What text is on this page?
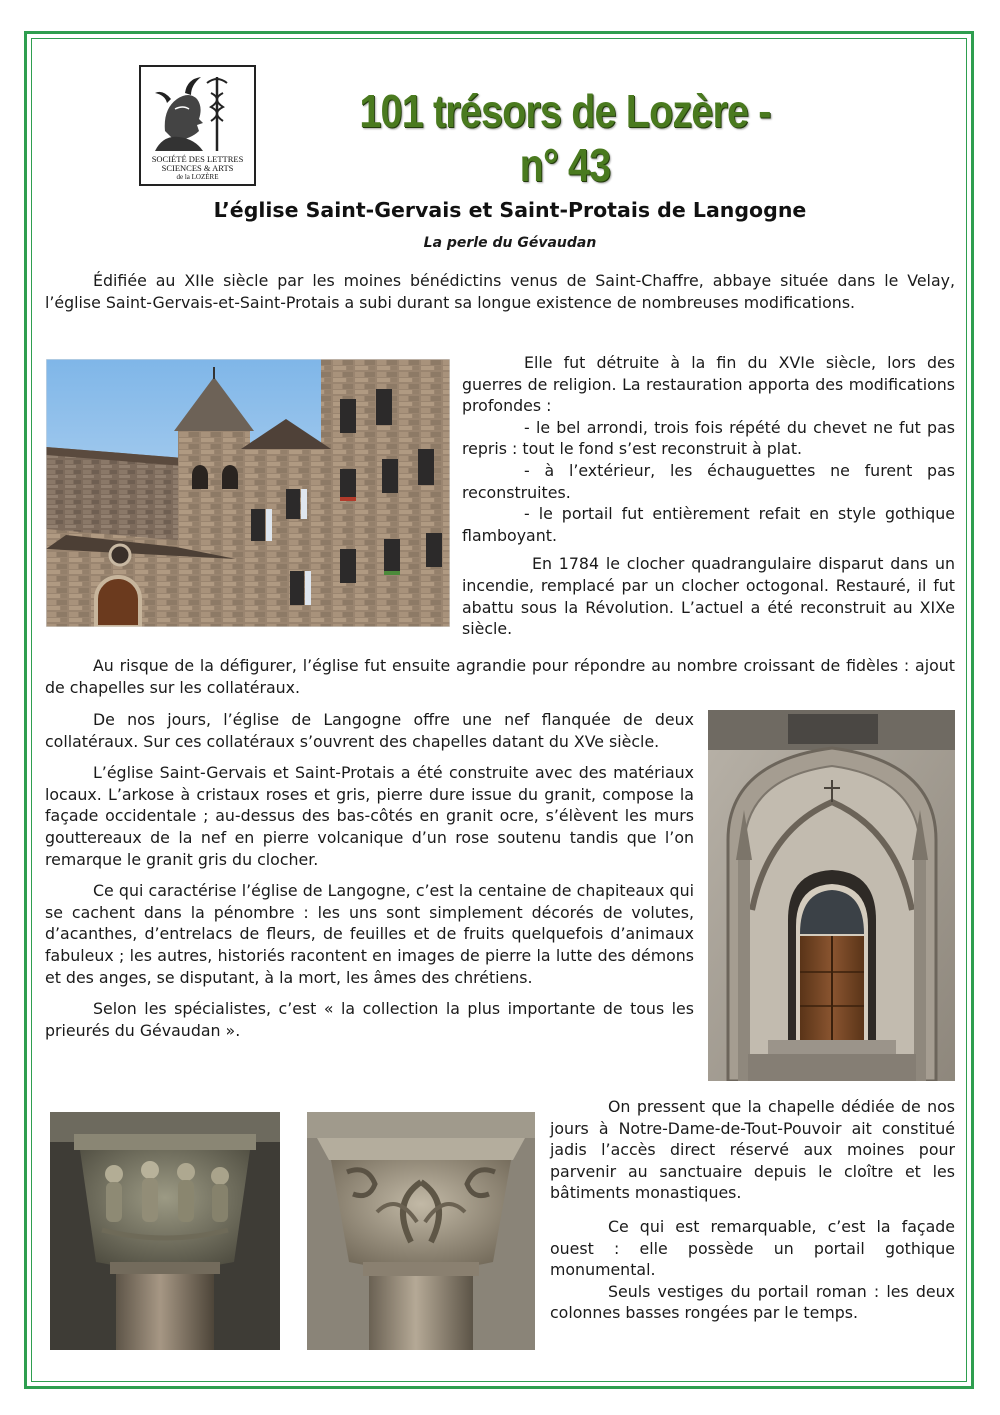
SOCIÉTÉ DES LETTRES
SCIENCES & ARTS
de la LOZÈRE
101 trésors de Lozère - n° 43
L’église Saint-Gervais et Saint-Protais de Langogne
La perle du Gévaudan
Édifiée au XIIe siècle par les moines bénédictins venus de Saint-Chaffre, abbaye située dans le Velay, l’église Saint-Gervais-et-Saint-Protais a subi durant sa longue existence de nombreuses modifications.
Elle fut détruite à la fin du XVIe siècle, lors des guerres de religion. La restauration apporta des modifications profondes :
- le bel arrondi, trois fois répété du chevet ne fut pas repris : tout le fond s’est reconstruit à plat.
- à l’extérieur, les échauguettes ne furent pas reconstruites.
- le portail fut entièrement refait en style gothique flamboyant.
En 1784 le clocher quadrangulaire disparut dans un incendie, remplacé par un clocher octogonal. Restauré, il fut abattu sous la Révolution. L’actuel a été reconstruit au XIXe siècle.
Au risque de la défigurer, l’église fut ensuite agrandie pour répondre au nombre croissant de fidèles : ajout de chapelles sur les collatéraux.
De nos jours, l’église de Langogne offre une nef flanquée de deux collatéraux. Sur ces collatéraux s’ouvrent des chapelles datant du XVe siècle.
L’église Saint-Gervais et Saint-Protais a été construite avec des matériaux locaux. L’arkose à cristaux roses et gris, pierre dure issue du granit, compose la façade occidentale ; au-dessus des bas-côtés en granit ocre, s’élèvent les murs gouttereaux de la nef en pierre volcanique d’un rose soutenu tandis que l’on remarque le granit gris du clocher.
Ce qui caractérise l’église de Langogne, c’est la centaine de chapiteaux qui se cachent dans la pénombre : les uns sont simplement décorés de volutes, d’acanthes, d’entrelacs de fleurs, de feuilles et de fruits quelquefois d’animaux fabuleux ; les autres, historiés racontent en images de pierre la lutte des démons et des anges, se disputant, à la mort, les âmes des chrétiens.
Selon les spécialistes, c’est « la collection la plus importante de tous les prieurés du Gévaudan ».
On pressent que la chapelle dédiée de nos jours à Notre-Dame-de-Tout-Pouvoir ait constitué jadis l’accès direct réservé aux moines pour parvenir au sanctuaire depuis le cloître et les bâtiments monastiques.
Ce qui est remarquable, c’est la façade ouest : elle possède un portail gothique monumental.
Seuls vestiges du portail roman : les deux colonnes basses rongées par le temps.
